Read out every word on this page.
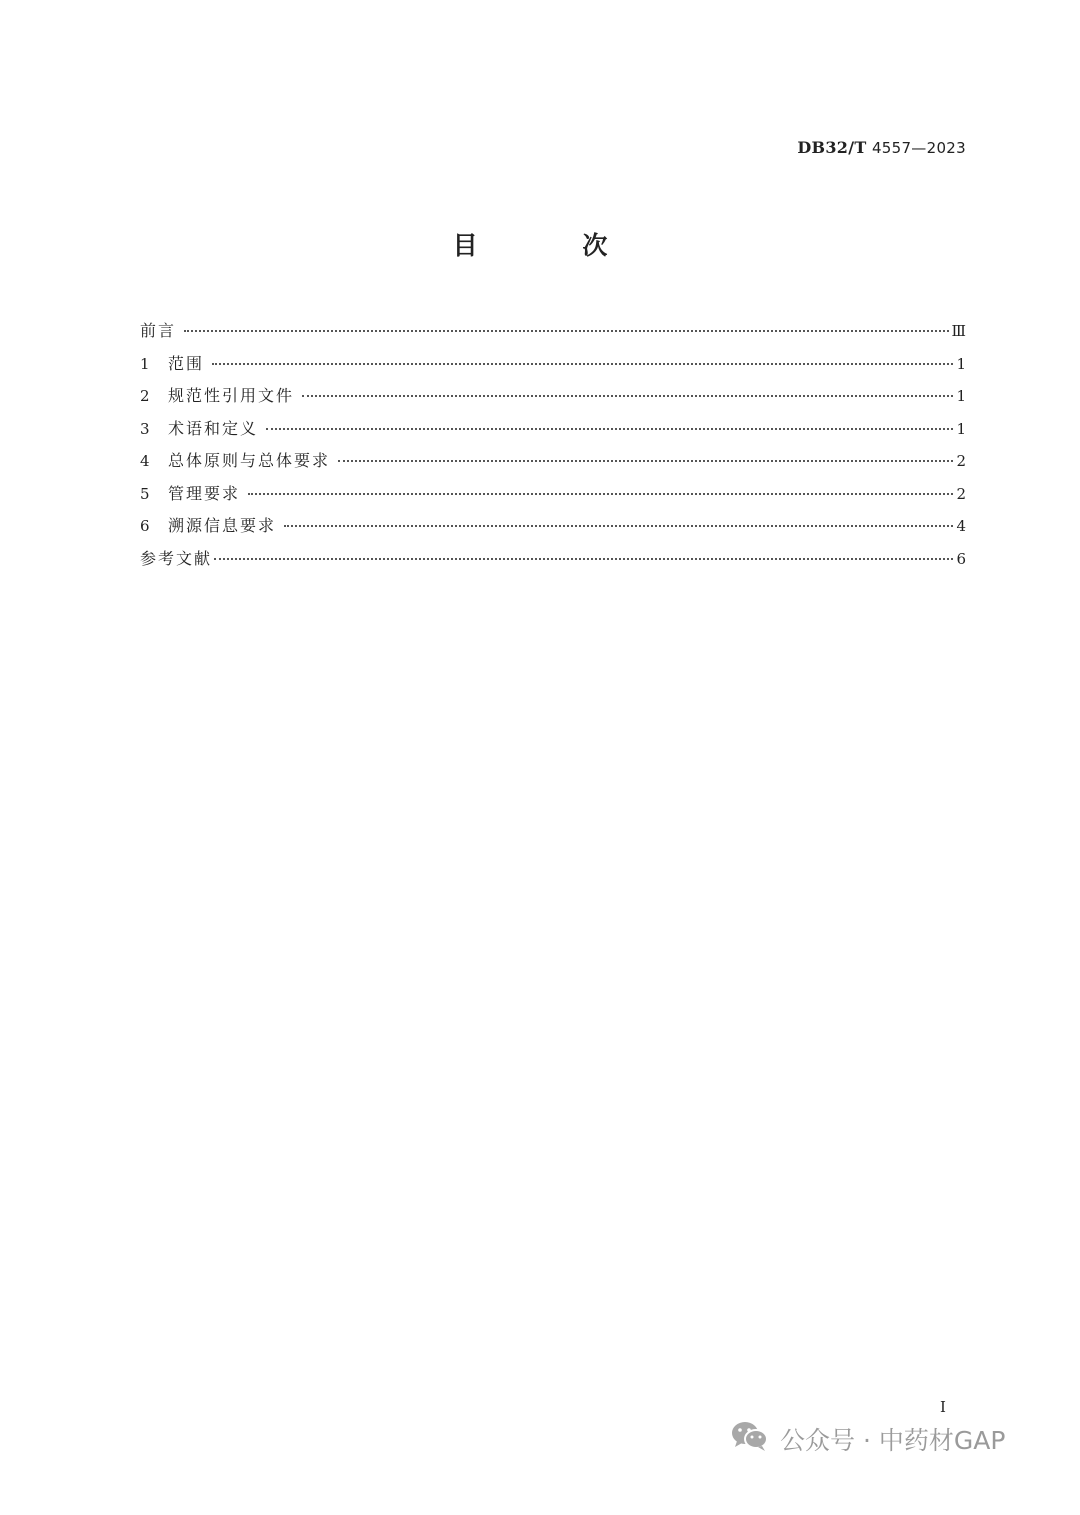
DB32/T 4557—2023
目 次
前言	Ⅲ
1	范围	1
2	规范性引用文件	1
3	术语和定义	1
4	总体原则与总体要求	2
5	管理要求	2
6	溯源信息要求	4
参考文献	6
I
公众号 · 中药材GAP
